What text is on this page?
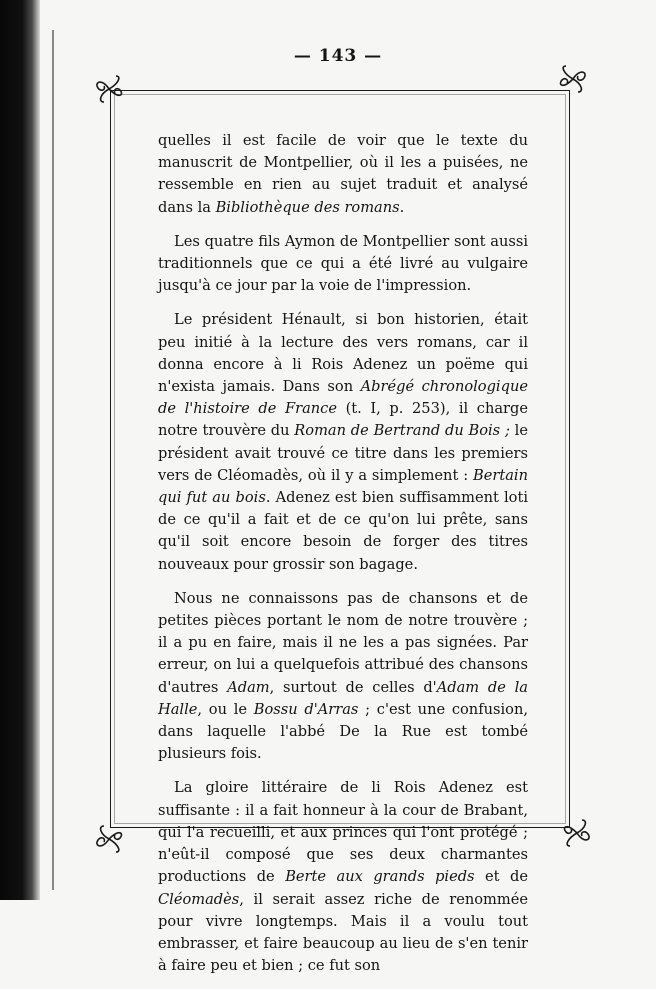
— 143 —

quelles il est facile de voir que le texte du manuscrit de Montpellier, où il les a puisées, ne ressemble en rien au sujet traduit et analysé dans la Bibliothèque des romans.

Les quatre fils Aymon de Montpellier sont aussi traditionnels que ce qui a été livré au vulgaire jusqu'à ce jour par la voie de l'impression.

Le président Hénault, si bon historien, était peu initié à la lecture des vers romans, car il donna encore à li Rois Adenez un poëme qui n'exista jamais. Dans son Abrégé chronologique de l'histoire de France (t. I, p. 253), il charge notre trouvère du Roman de Bertrand du Bois ; le président avait trouvé ce titre dans les premiers vers de Cléomadès, où il y a simplement : Bertain qui fut au bois. Adenez est bien suffisamment loti de ce qu'il a fait et de ce qu'on lui prête, sans qu'il soit encore besoin de forger des titres nouveaux pour grossir son bagage.

Nous ne connaissons pas de chansons et de petites pièces portant le nom de notre trouvère ; il a pu en faire, mais il ne les a pas signées. Par erreur, on lui a quelquefois attribué des chansons d'autres Adam, surtout de celles d'Adam de la Halle, ou le Bossu d'Arras ; c'est une confusion, dans laquelle l'abbé De la Rue est tombé plusieurs fois.

La gloire littéraire de li Rois Adenez est suffisante : il a fait honneur à la cour de Brabant, qui l'a recueilli, et aux princes qui l'ont protégé ; n'eût-il composé que ses deux charmantes productions de Berte aux grands pieds et de Cléomadès, il serait assez riche de renommée pour vivre longtemps. Mais il a voulu tout embrasser, et faire beaucoup au lieu de s'en tenir à faire peu et bien ; ce fut son
